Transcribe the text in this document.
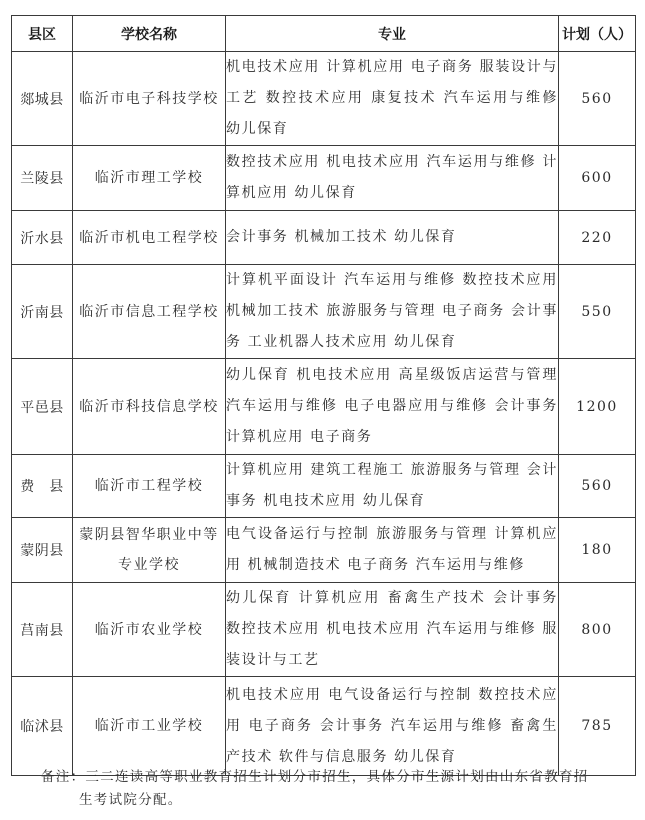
县区	学校名称	专业	计划（人）
郯城县	临沂市电子科技学校	机电技术应用 计算机应用 电子商务 服装设计与工艺 数控技术应用 康复技术 汽车运用与维修 幼儿保育	560
兰陵县	临沂市理工学校	数控技术应用 机电技术应用 汽车运用与维修 计算机应用 幼儿保育	600
沂水县	临沂市机电工程学校	会计事务 机械加工技术 幼儿保育	220
沂南县	临沂市信息工程学校	计算机平面设计 汽车运用与维修 数控技术应用 机械加工技术 旅游服务与管理 电子商务 会计事务 工业机器人技术应用 幼儿保育	550
平邑县	临沂市科技信息学校	幼儿保育 机电技术应用 高星级饭店运营与管理 汽车运用与维修 电子电器应用与维修 会计事务 计算机应用 电子商务	1200
费　县	临沂市工程学校	计算机应用 建筑工程施工 旅游服务与管理 会计事务 机电技术应用 幼儿保育	560
蒙阴县	蒙阴县智华职业中等专业学校	电气设备运行与控制 旅游服务与管理 计算机应用 机械制造技术 电子商务 汽车运用与维修	180
莒南县	临沂市农业学校	幼儿保育 计算机应用 畜禽生产技术 会计事务 数控技术应用 机电技术应用 汽车运用与维修 服装设计与工艺	800
临沭县	临沂市工业学校	机电技术应用 电气设备运行与控制 数控技术应用 电子商务 会计事务 汽车运用与维修 畜禽生产技术 软件与信息服务 幼儿保育	785
备注：三二连读高等职业教育招生计划分市招生，具体分市生源计划由山东省教育招
生考试院分配。
